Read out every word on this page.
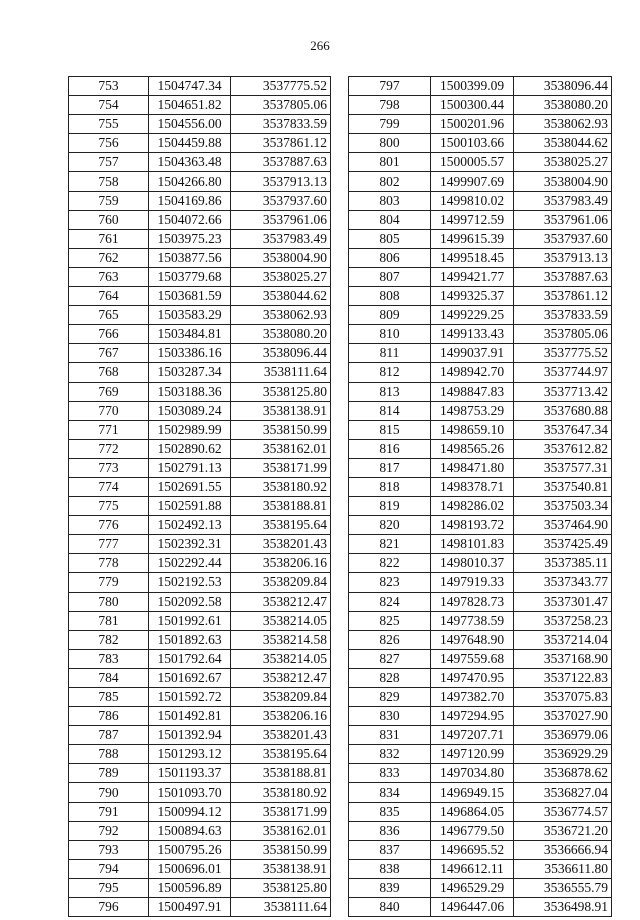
266
753	1504747.34	3537775.52
754	1504651.82	3537805.06
755	1504556.00	3537833.59
756	1504459.88	3537861.12
757	1504363.48	3537887.63
758	1504266.80	3537913.13
759	1504169.86	3537937.60
760	1504072.66	3537961.06
761	1503975.23	3537983.49
762	1503877.56	3538004.90
763	1503779.68	3538025.27
764	1503681.59	3538044.62
765	1503583.29	3538062.93
766	1503484.81	3538080.20
767	1503386.16	3538096.44
768	1503287.34	3538111.64
769	1503188.36	3538125.80
770	1503089.24	3538138.91
771	1502989.99	3538150.99
772	1502890.62	3538162.01
773	1502791.13	3538171.99
774	1502691.55	3538180.92
775	1502591.88	3538188.81
776	1502492.13	3538195.64
777	1502392.31	3538201.43
778	1502292.44	3538206.16
779	1502192.53	3538209.84
780	1502092.58	3538212.47
781	1501992.61	3538214.05
782	1501892.63	3538214.58
783	1501792.64	3538214.05
784	1501692.67	3538212.47
785	1501592.72	3538209.84
786	1501492.81	3538206.16
787	1501392.94	3538201.43
788	1501293.12	3538195.64
789	1501193.37	3538188.81
790	1501093.70	3538180.92
791	1500994.12	3538171.99
792	1500894.63	3538162.01
793	1500795.26	3538150.99
794	1500696.01	3538138.91
795	1500596.89	3538125.80
796	1500497.91	3538111.64
797	1500399.09	3538096.44
798	1500300.44	3538080.20
799	1500201.96	3538062.93
800	1500103.66	3538044.62
801	1500005.57	3538025.27
802	1499907.69	3538004.90
803	1499810.02	3537983.49
804	1499712.59	3537961.06
805	1499615.39	3537937.60
806	1499518.45	3537913.13
807	1499421.77	3537887.63
808	1499325.37	3537861.12
809	1499229.25	3537833.59
810	1499133.43	3537805.06
811	1499037.91	3537775.52
812	1498942.70	3537744.97
813	1498847.83	3537713.42
814	1498753.29	3537680.88
815	1498659.10	3537647.34
816	1498565.26	3537612.82
817	1498471.80	3537577.31
818	1498378.71	3537540.81
819	1498286.02	3537503.34
820	1498193.72	3537464.90
821	1498101.83	3537425.49
822	1498010.37	3537385.11
823	1497919.33	3537343.77
824	1497828.73	3537301.47
825	1497738.59	3537258.23
826	1497648.90	3537214.04
827	1497559.68	3537168.90
828	1497470.95	3537122.83
829	1497382.70	3537075.83
830	1497294.95	3537027.90
831	1497207.71	3536979.06
832	1497120.99	3536929.29
833	1497034.80	3536878.62
834	1496949.15	3536827.04
835	1496864.05	3536774.57
836	1496779.50	3536721.20
837	1496695.52	3536666.94
838	1496612.11	3536611.80
839	1496529.29	3536555.79
840	1496447.06	3536498.91
